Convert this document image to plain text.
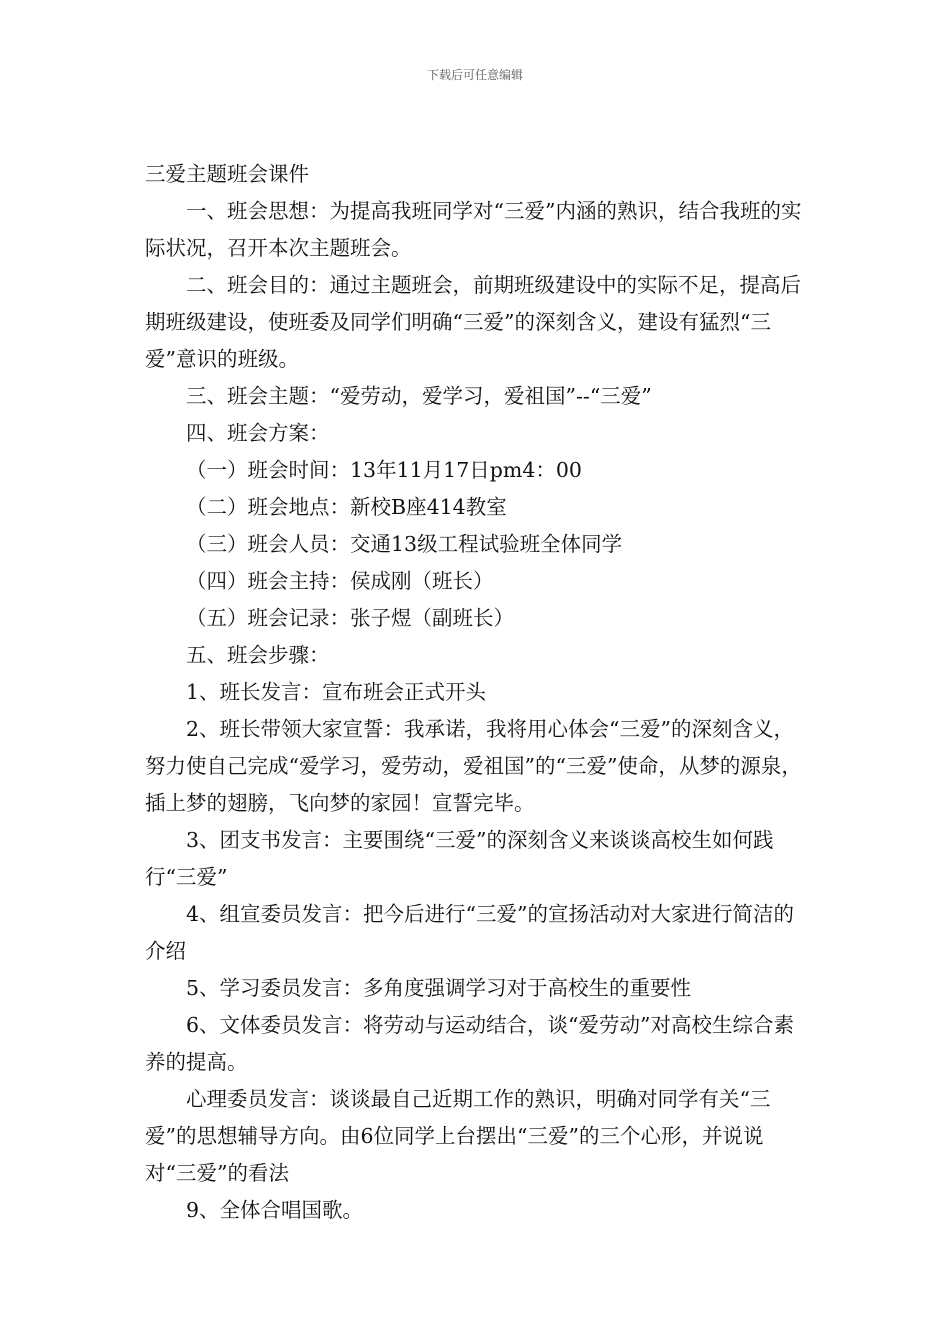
下载后可任意编辑

三爱主题班会课件

一、班会思想：为提高我班同学对“三爱”内涵的熟识，结合我班的实际状况，召开本次主题班会。

二、班会目的：通过主题班会，前期班级建设中的实际不足，提高后期班级建设，使班委及同学们明确“三爱”的深刻含义，建设有猛烈“三爱”意识的班级。

三、班会主题：“爱劳动，爱学习，爱祖国”--“三爱”

四、班会方案：

（一）班会时间：13年11月17日pm4：00

（二）班会地点：新校B座414教室

（三）班会人员：交通13级工程试验班全体同学

（四）班会主持：侯成刚（班长）

（五）班会记录：张子煜（副班长）

五、班会步骤：

1、班长发言：宣布班会正式开头

2、班长带领大家宣誓：我承诺，我将用心体会“三爱”的深刻含义，努力使自己完成“爱学习，爱劳动，爱祖国”的“三爱”使命，从梦的源泉，插上梦的翅膀，飞向梦的家园！宣誓完毕。

3、团支书发言：主要围绕“三爱”的深刻含义来谈谈高校生如何践行“三爱”

4、组宣委员发言：把今后进行“三爱”的宣扬活动对大家进行简洁的介绍

5、学习委员发言：多角度强调学习对于高校生的重要性

6、文体委员发言：将劳动与运动结合，谈“爱劳动”对高校生综合素养的提高。

心理委员发言：谈谈最自己近期工作的熟识，明确对同学有关“三爱”的思想辅导方向。由6位同学上台摆出“三爱”的三个心形，并说说对“三爱”的看法

9、全体合唱国歌。
